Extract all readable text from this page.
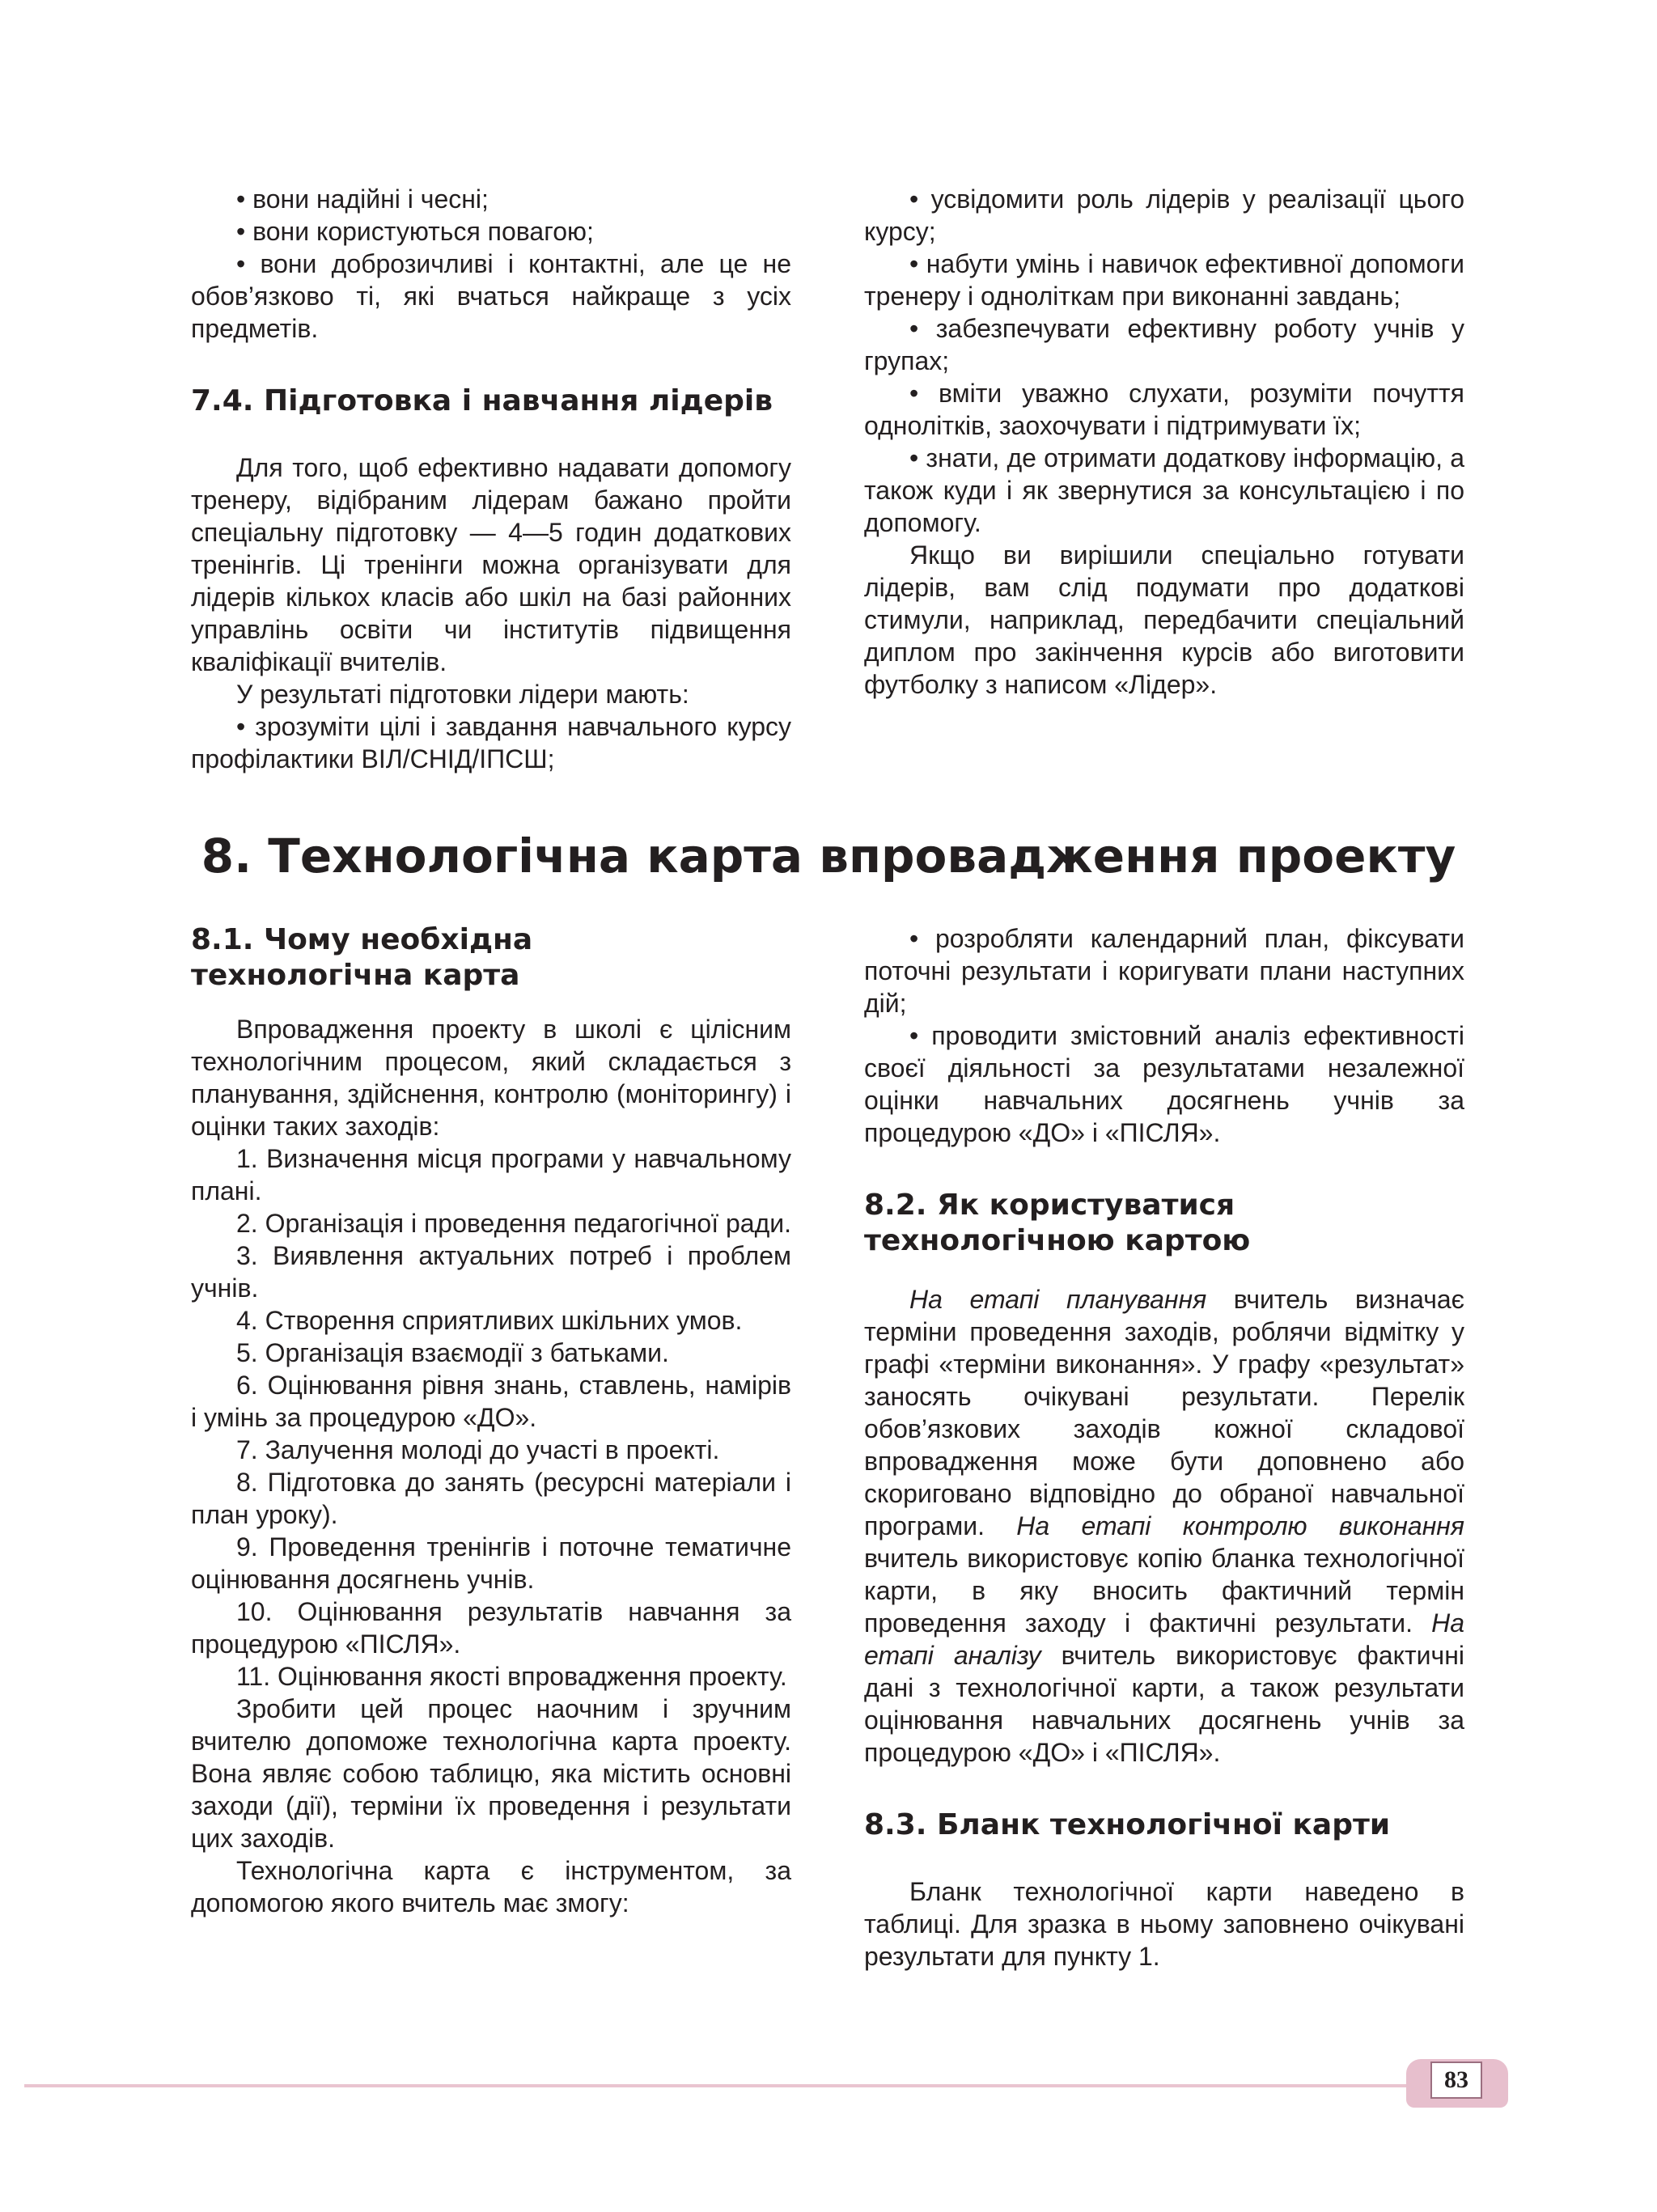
• вони надійні і чесні;

• вони користуються повагою;

• вони доброзичливі і контактні, але це не обов’язково ті, які вчаться найкраще з усіх предметів.

7.4. Підготовка і навчання лідерів

Для того, щоб ефективно надавати допомогу тренеру, відібраним лідерам бажано пройти спеціальну підготовку — 4—5 годин додаткових тренінгів. Ці тренінги можна організувати для лідерів кількох класів або шкіл на базі районних управлінь освіти чи інститутів підвищення кваліфікації вчителів.

У результаті підготовки лідери мають:

• зрозуміти цілі і завдання навчального курсу профілактики ВІЛ/СНІД/ІПСШ;

• усвідомити роль лідерів у реалізації цього курсу;

• набути умінь і навичок ефективної допомоги тренеру і одноліткам при виконанні завдань;

• забезпечувати ефективну роботу учнів у групах;

• вміти уважно слухати, розуміти почуття однолітків, заохочувати і підтримувати їх;

• знати, де отримати додаткову інформацію, а також куди і як звернутися за консультацією і по допомогу.

Якщо ви вирішили спеціально готувати лідерів, вам слід подумати про додаткові стимули, наприклад, передбачити спеціальний диплом про закінчення курсів або виготовити футболку з написом «Лідер».

8. Технологічна карта впровадження проекту
8.1. Чому необхідна
технологічна карта

Впровадження проекту в школі є цілісним технологічним процесом, який складається з планування, здійснення, контролю (моніторингу) і оцінки таких заходів:

1. Визначення місця програми у навчальному плані.

2. Організація і проведення педагогічної ради.

3. Виявлення актуальних потреб і проблем учнів.

4. Створення сприятливих шкільних умов.

5. Організація взаємодії з батьками.

6. Оцінювання рівня знань, ставлень, намірів і умінь за процедурою «ДО».

7. Залучення молоді до участі в проекті.

8. Підготовка до занять (ресурсні матеріали і план уроку).

9. Проведення тренінгів і поточне тематичне оцінювання досягнень учнів.

10. Оцінювання результатів навчання за процедурою «ПІСЛЯ».

11. Оцінювання якості впровадження проекту.

Зробити цей процес наочним і зручним вчителю допоможе технологічна карта проекту. Вона являє собою таблицю, яка містить основні заходи (дії), терміни їх проведення і результати цих заходів.

Технологічна карта є інструментом, за допомогою якого вчитель має змогу:

• розробляти календарний план, фіксувати поточні результати і коригувати плани наступних дій;

• проводити змістовний аналіз ефективності своєї діяльності за результатами незалежної оцінки навчальних досягнень учнів за процедурою «ДО» і «ПІСЛЯ».

8.2. Як користуватися
технологічною картою

На етапі планування вчитель визначає терміни проведення заходів, роблячи відмітку у графі «терміни виконання». У графу «результат» заносять очікувані результати. Перелік обов’язкових заходів кожної складової впровадження може бути доповнено або скориговано відповідно до обраної навчальної програми. На етапі контролю виконання вчитель використовує копію бланка технологічної карти, в яку вносить фактичний термін проведення заходу і фактичні результати. На етапі аналізу вчитель використовує фактичні дані з технологічної карти, а також результати оцінювання навчальних досягнень учнів за процедурою «ДО» і «ПІСЛЯ».

8.3. Бланк технологічної карти

Бланк технологічної карти наведено в таблиці. Для зразка в ньому заповнено очікувані результати для пункту 1.

83
